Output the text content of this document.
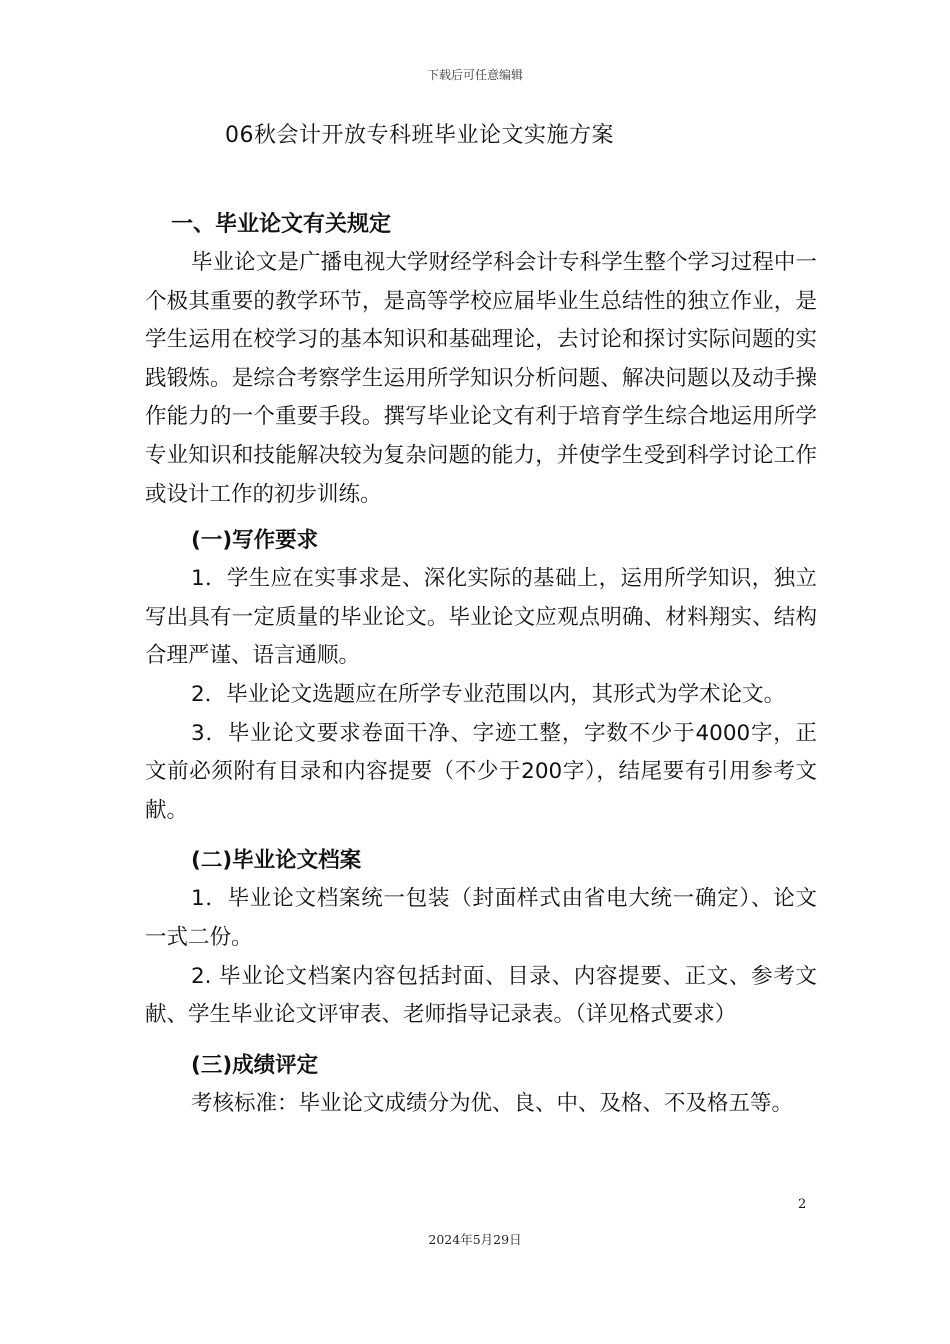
下载后可任意编辑
06秋会计开放专科班毕业论文实施方案

一、毕业论文有关规定

毕业论文是广播电视大学财经学科会计专科学生整个学习过程中一个极其重要的教学环节，是高等学校应届毕业生总结性的独立作业，是学生运用在校学习的基本知识和基础理论，去讨论和探讨实际问题的实践锻炼。是综合考察学生运用所学知识分析问题、解决问题以及动手操作能力的一个重要手段。撰写毕业论文有利于培育学生综合地运用所学专业知识和技能解决较为复杂问题的能力，并使学生受到科学讨论工作或设计工作的初步训练。

(一)写作要求

1．学生应在实事求是、深化实际的基础上，运用所学知识，独立写出具有一定质量的毕业论文。毕业论文应观点明确、材料翔实、结构合理严谨、语言通顺。

2．毕业论文选题应在所学专业范围以内，其形式为学术论文。

3．毕业论文要求卷面干净、字迹工整，字数不少于4000字，正文前必须附有目录和内容提要（不少于200字），结尾要有引用参考文献。

(二)毕业论文档案

1．毕业论文档案统一包装（封面样式由省电大统一确定）、论文一式二份。

2. 毕业论文档案内容包括封面、目录、内容提要、正文、参考文献、学生毕业论文评审表、老师指导记录表。（详见格式要求）

(三)成绩评定

考核标准：毕业论文成绩分为优、良、中、及格、不及格五等。

2
2024年5月29日
